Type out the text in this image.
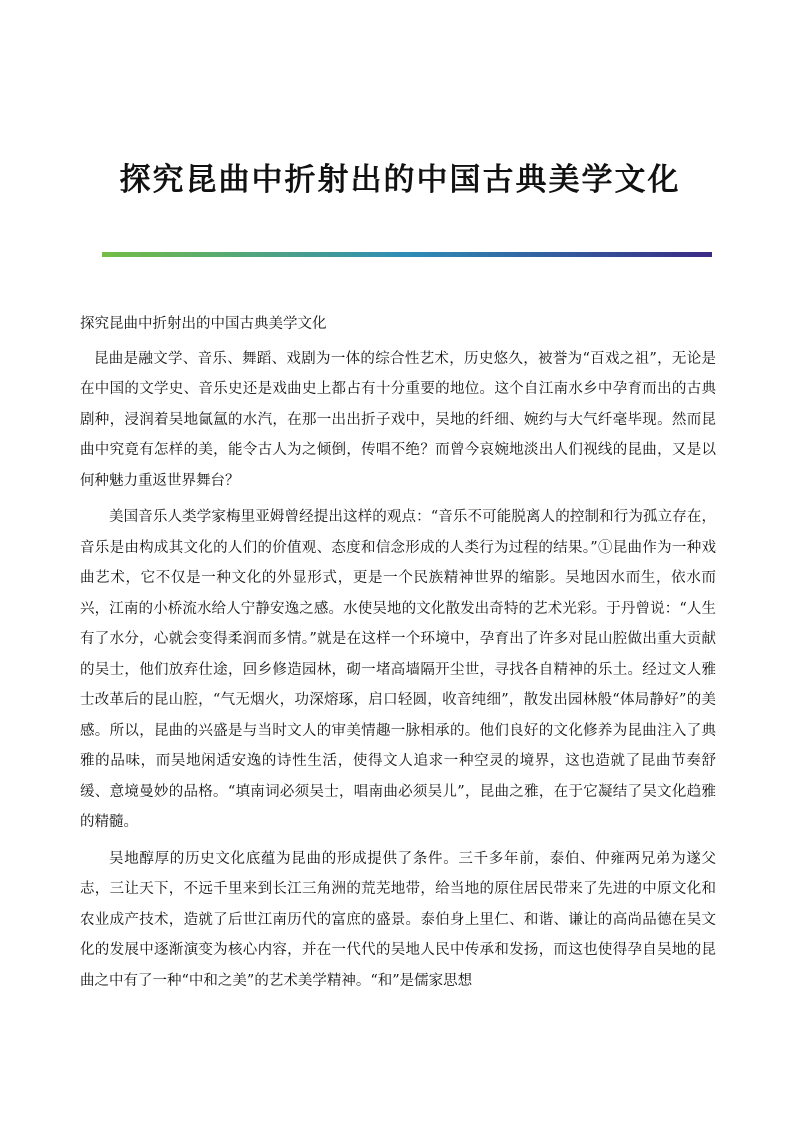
探究昆曲中折射出的中国古典美学文化
探究昆曲中折射出的中国古典美学文化

昆曲是融文学、音乐、舞蹈、戏剧为一体的综合性艺术，历史悠久，被誉为“百戏之祖”，无论是在中国的文学史、音乐史还是戏曲史上都占有十分重要的地位。这个自江南水乡中孕育而出的古典剧种，浸润着吴地氤氲的水汽，在那一出出折子戏中，吴地的纤细、婉约与大气纤毫毕现。然而昆曲中究竟有怎样的美，能令古人为之倾倒，传唱不绝？而曾今哀婉地淡出人们视线的昆曲，又是以何种魅力重返世界舞台？

美国音乐人类学家梅里亚姆曾经提出这样的观点：“音乐不可能脱离人的控制和行为孤立存在，音乐是由构成其文化的人们的价值观、态度和信念形成的人类行为过程的结果。”①昆曲作为一种戏曲艺术，它不仅是一种文化的外显形式，更是一个民族精神世界的缩影。吴地因水而生，依水而兴，江南的小桥流水给人宁静安逸之感。水使吴地的文化散发出奇特的艺术光彩。于丹曾说：“人生有了水分，心就会变得柔润而多情。”就是在这样一个环境中，孕育出了许多对昆山腔做出重大贡献的吴士，他们放弃仕途，回乡修造园林，砌一堵高墙隔开尘世，寻找各自精神的乐土。经过文人雅士改革后的昆山腔，“气无烟火，功深熔琢，启口轻圆，收音纯细”，散发出园林般“体局静好”的美感。所以，昆曲的兴盛是与当时文人的审美情趣一脉相承的。他们良好的文化修养为昆曲注入了典雅的品味，而吴地闲适安逸的诗性生活，使得文人追求一种空灵的境界，这也造就了昆曲节奏舒缓、意境曼妙的品格。“填南词必须吴士，唱南曲必须吴儿”，昆曲之雅，在于它凝结了吴文化趋雅的精髓。

吴地醇厚的历史文化底蕴为昆曲的形成提供了条件。三千多年前，泰伯、仲雍两兄弟为遂父志，三让天下，不远千里来到长江三角洲的荒芜地带，给当地的原住居民带来了先进的中原文化和农业成产技术，造就了后世江南历代的富庶的盛景。泰伯身上里仁、和谐、谦让的高尚品德在吴文化的发展中逐渐演变为核心内容，并在一代代的吴地人民中传承和发扬，而这也使得孕自吴地的昆曲之中有了一种“中和之美”的艺术美学精神。“和”是儒家思想
